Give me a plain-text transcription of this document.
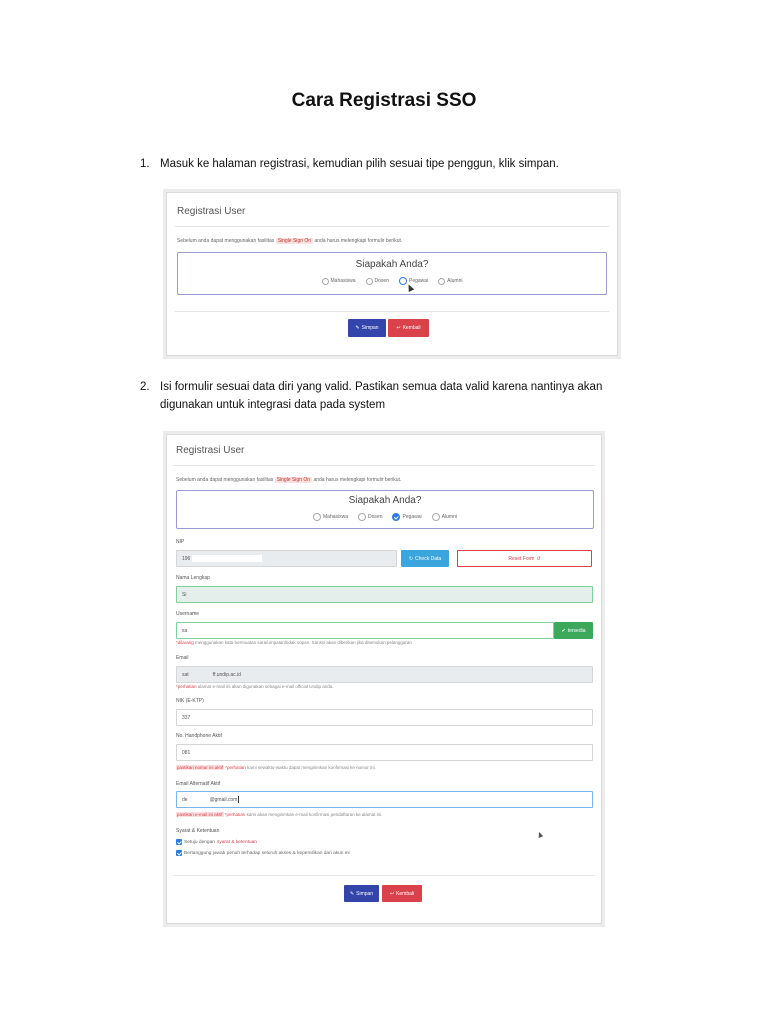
Cara Registrasi SSO
1. Masuk ke halaman registrasi, kemudian pilih sesuai tipe penggun, klik simpan.
Registrasi User
Sebelum anda dapat menggunakan fasilitas Single Sign On anda harus melengkapi formulir berikut.
Siapakah Anda?
Mahasiswa	Dosen	Pegawai	Alumni
✎ Simpan	↩ Kembali
2. Isi formulir sesuai data diri yang valid. Pastikan semua data valid karena nantinya akan digunakan untuk integrasi data pada system
Registrasi User
Sebelum anda dapat menggunakan fasilitas Single Sign On anda harus melengkapi formulir berikut.
Siapakah Anda?
Mahasiswa	Dosen	Pegawai	Alumni
NIP
196	↻ Check Data	Reset Form ↺
Nama Lengkap
Si
Username
sa	✔ tersedia
*dilarang menggunakan kata bermuatan sara/umpatan/tidak sopan. Sanksi akan diberikan jika ditemukan pelanggaran
Email
sat	ff.undip.ac.id
*perhatian alamat e-mail ini akan digunakan sebagai e-mail official Undip anda.
NIK (E-KTP)
337
No. Handphone Aktif
081
pastikan nomor ini aktif *perhatian kami sewaktu-waktu dapat mengirimkan konfirmasi ke nomor ini.
Email Alternatif Aktif
de	@gmail.com
pastikan e-mail ini aktif *perhatian kami akan mengirimkan e-mail konfirmasi pendaftaran ke alamat ini.
Syarat & Ketentuan
Setuju dengan syarat & ketentuan
Bertanggung jawab penuh terhadap seluruh akses & kepemilikan dari akun ini
✎ Simpan	↩ Kembali
